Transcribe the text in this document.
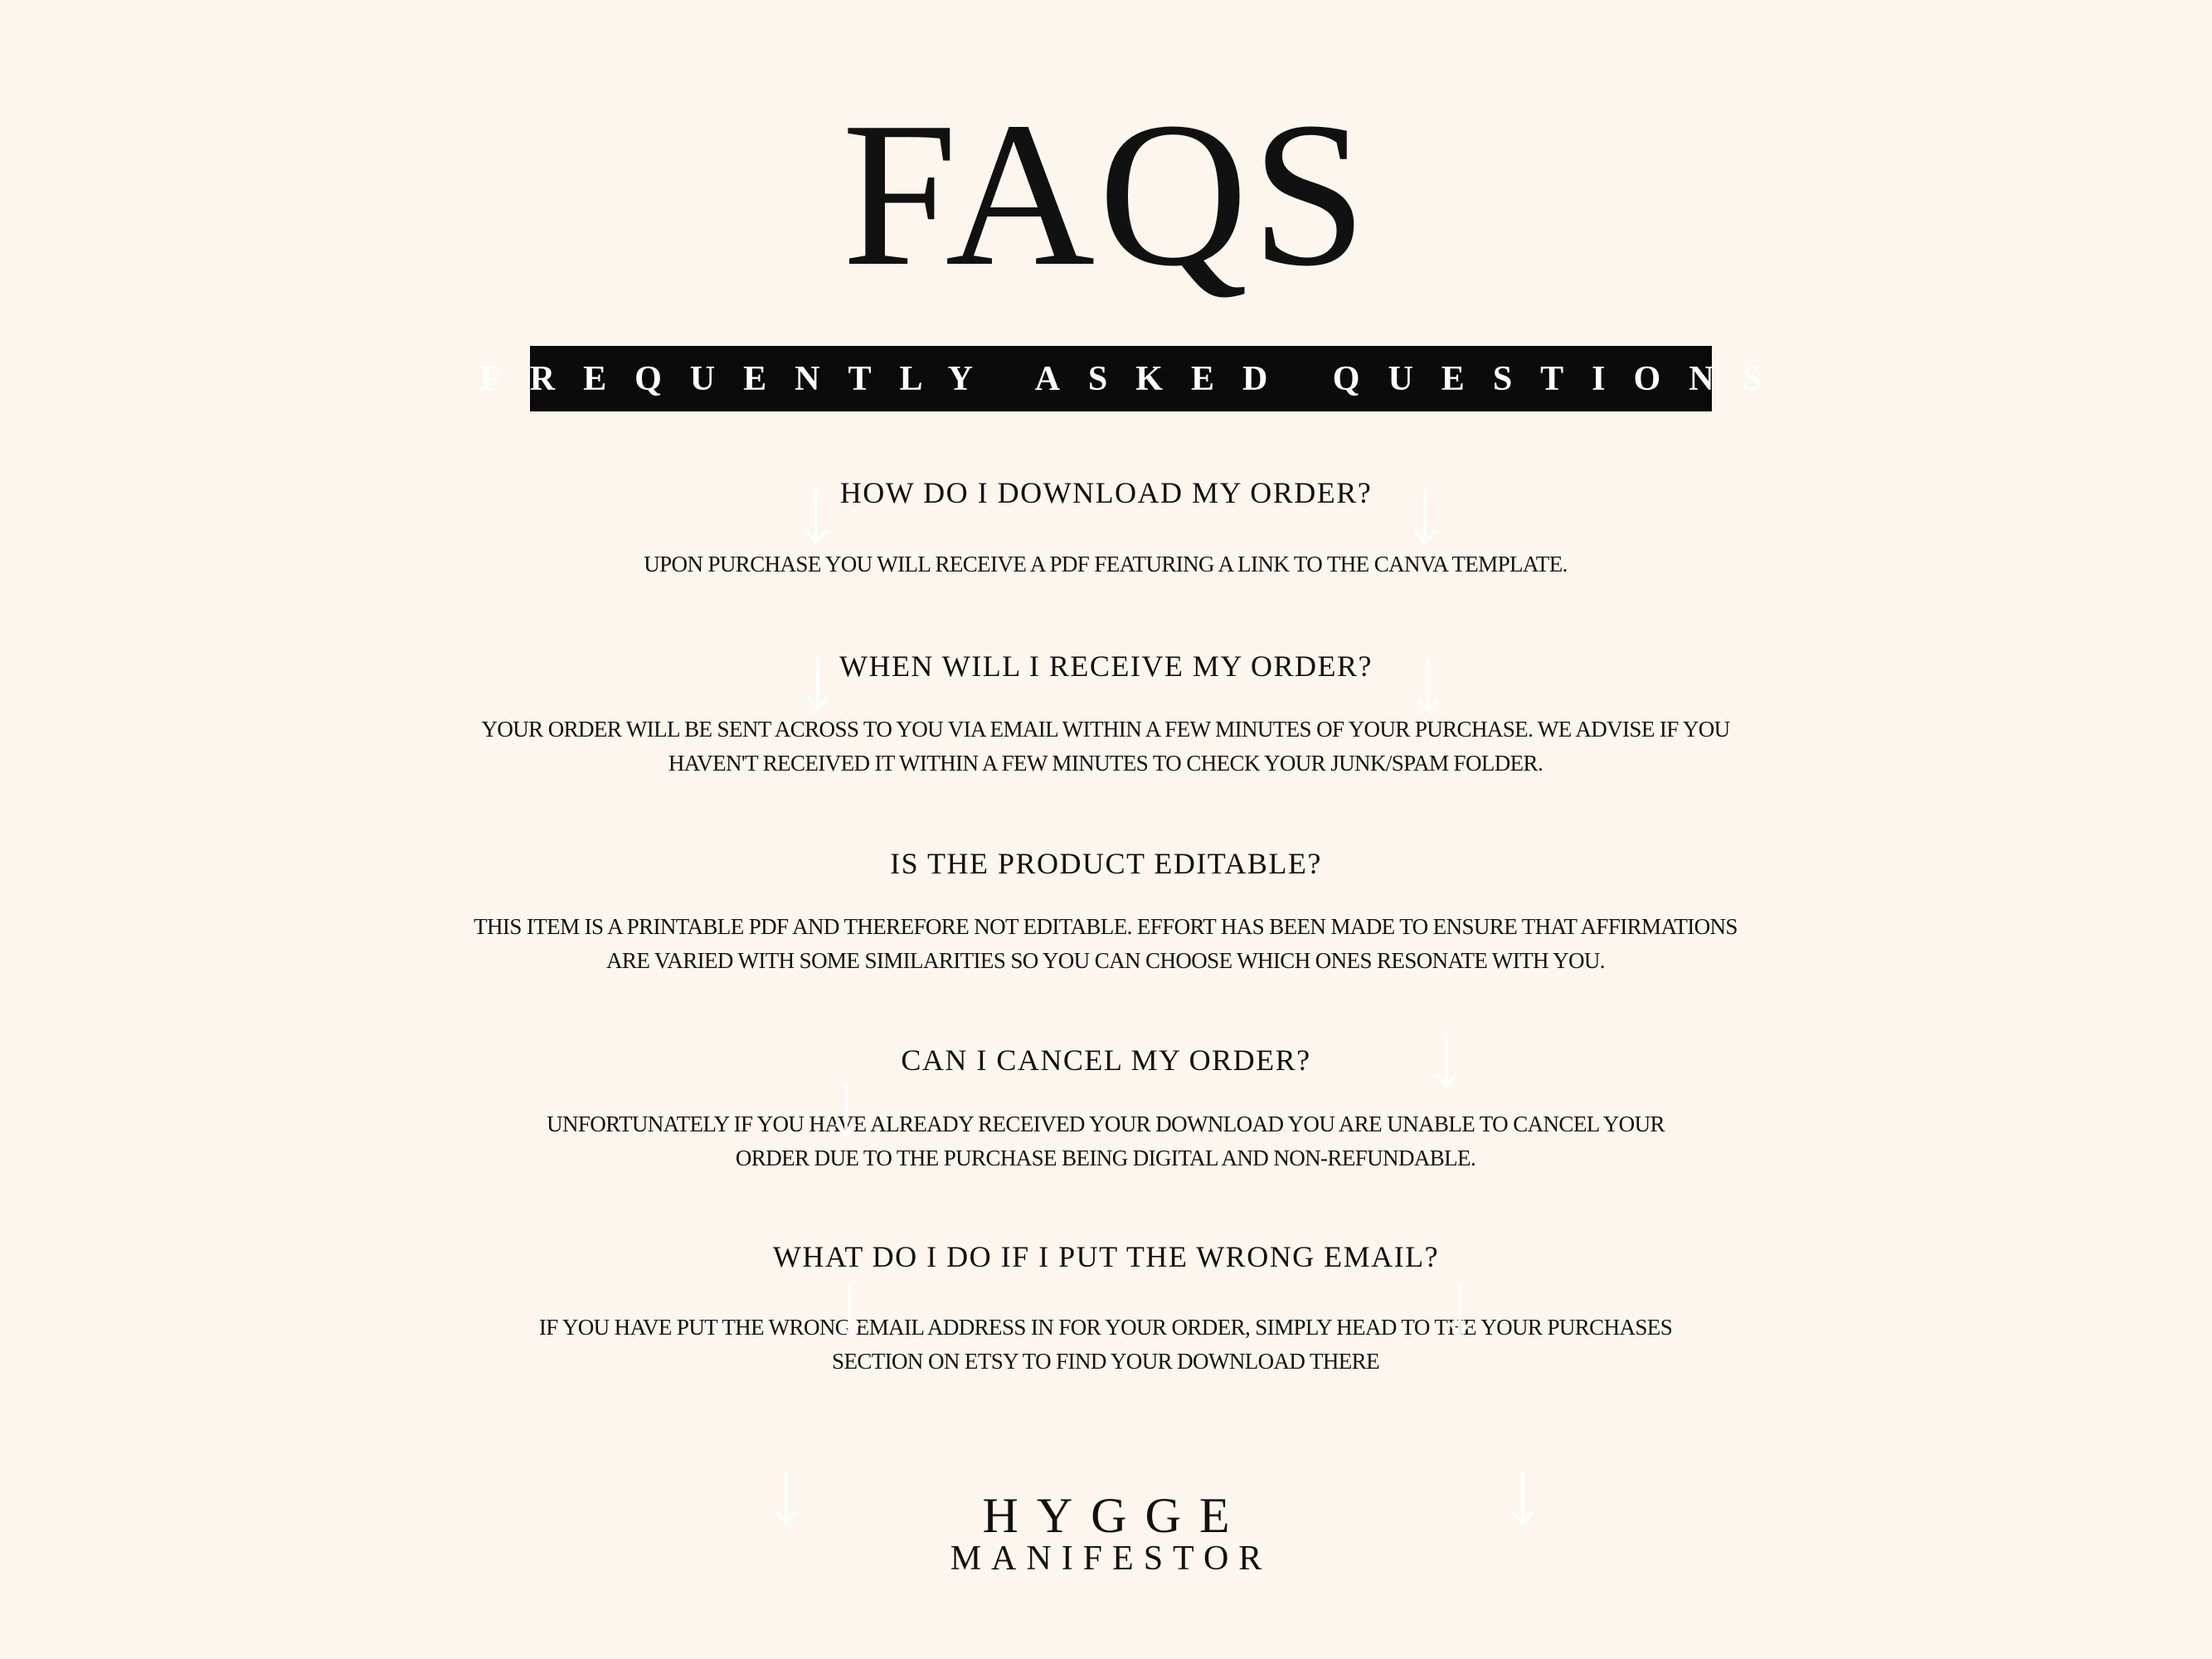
FAQS
FREQUENTLY ASKED QUESTIONS
HOW DO I DOWNLOAD MY ORDER?
UPON PURCHASE YOU WILL RECEIVE A PDF FEATURING A LINK TO THE CANVA TEMPLATE.
WHEN WILL I RECEIVE MY ORDER?
YOUR ORDER WILL BE SENT ACROSS TO YOU VIA EMAIL WITHIN A FEW MINUTES OF YOUR PURCHASE. WE ADVISE IF YOU
HAVEN'T RECEIVED IT WITHIN A FEW MINUTES TO CHECK YOUR JUNK/SPAM FOLDER.
IS THE PRODUCT EDITABLE?
THIS ITEM IS A PRINTABLE PDF AND THEREFORE NOT EDITABLE. EFFORT HAS BEEN MADE TO ENSURE THAT AFFIRMATIONS
ARE VARIED WITH SOME SIMILARITIES SO YOU CAN CHOOSE WHICH ONES RESONATE WITH YOU.
CAN I CANCEL MY ORDER?
UNFORTUNATELY IF YOU HAVE ALREADY RECEIVED YOUR DOWNLOAD YOU ARE UNABLE TO CANCEL YOUR
ORDER DUE TO THE PURCHASE BEING DIGITAL AND NON-REFUNDABLE.
WHAT DO I DO IF I PUT THE WRONG EMAIL?
IF YOU HAVE PUT THE WRONG EMAIL ADDRESS IN FOR YOUR ORDER, SIMPLY HEAD TO THE YOUR PURCHASES
SECTION ON ETSY TO FIND YOUR DOWNLOAD THERE
HYGGE
MANIFESTOR
